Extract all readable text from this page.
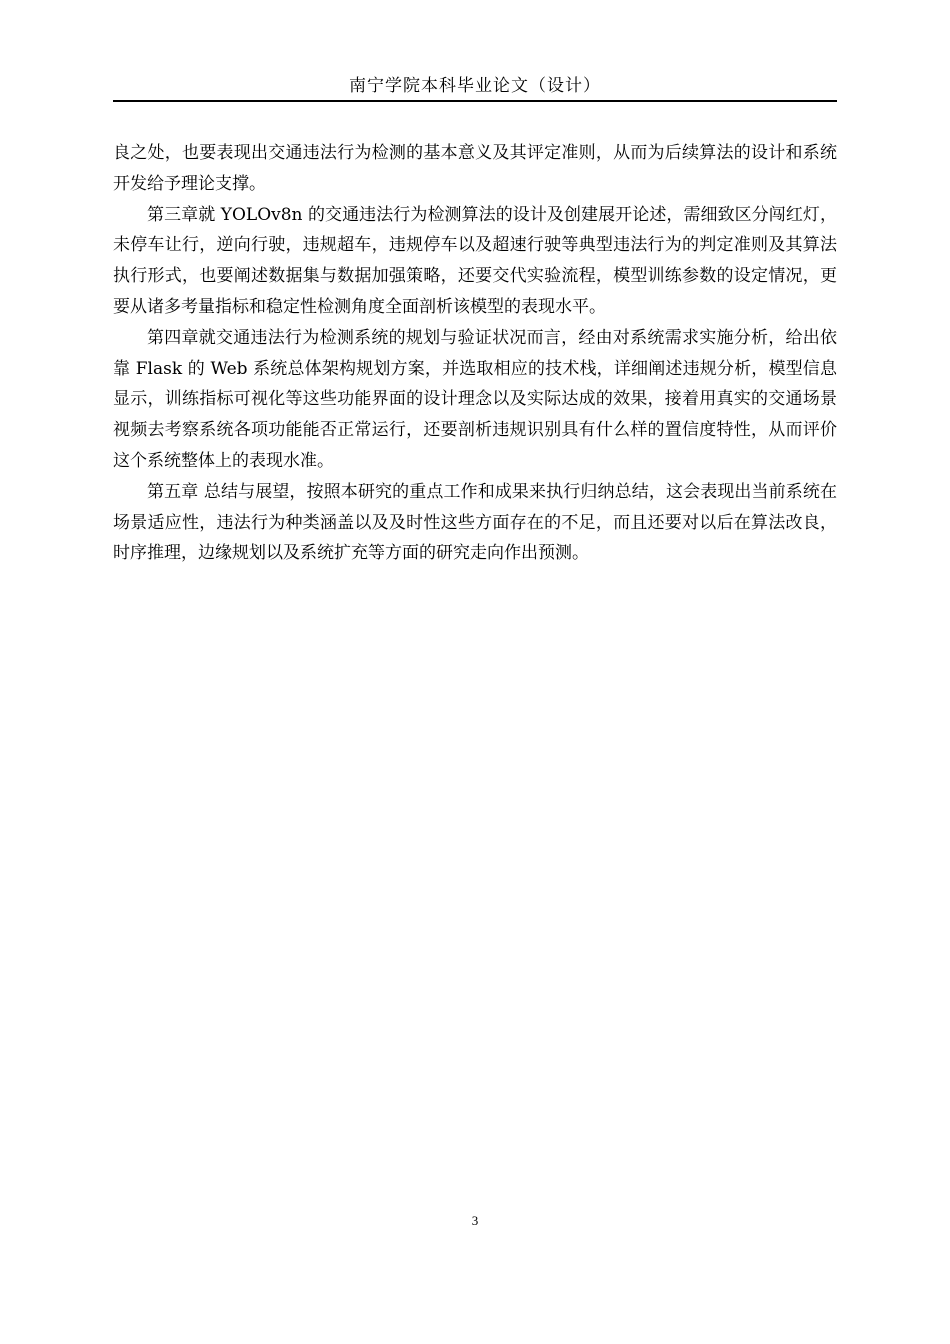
南宁学院本科毕业论文（设计）

良之处，也要表现出交通违法行为检测的基本意义及其评定准则，从而为后续算法的设计和系统开发给予理论支撑。

第三章就 YOLOv8n 的交通违法行为检测算法的设计及创建展开论述，需细致区分闯红灯，未停车让行，逆向行驶，违规超车，违规停车以及超速行驶等典型违法行为的判定准则及其算法执行形式，也要阐述数据集与数据加强策略，还要交代实验流程，模型训练参数的设定情况，更要从诸多考量指标和稳定性检测角度全面剖析该模型的表现水平。

第四章就交通违法行为检测系统的规划与验证状况而言，经由对系统需求实施分析，给出依靠 Flask 的 Web 系统总体架构规划方案，并选取相应的技术栈，详细阐述违规分析，模型信息显示，训练指标可视化等这些功能界面的设计理念以及实际达成的效果，接着用真实的交通场景视频去考察系统各项功能能否正常运行，还要剖析违规识别具有什么样的置信度特性，从而评价这个系统整体上的表现水准。

第五章 总结与展望，按照本研究的重点工作和成果来执行归纳总结，这会表现出当前系统在场景适应性，违法行为种类涵盖以及及时性这些方面存在的不足，而且还要对以后在算法改良，时序推理，边缘规划以及系统扩充等方面的研究走向作出预测。

3
